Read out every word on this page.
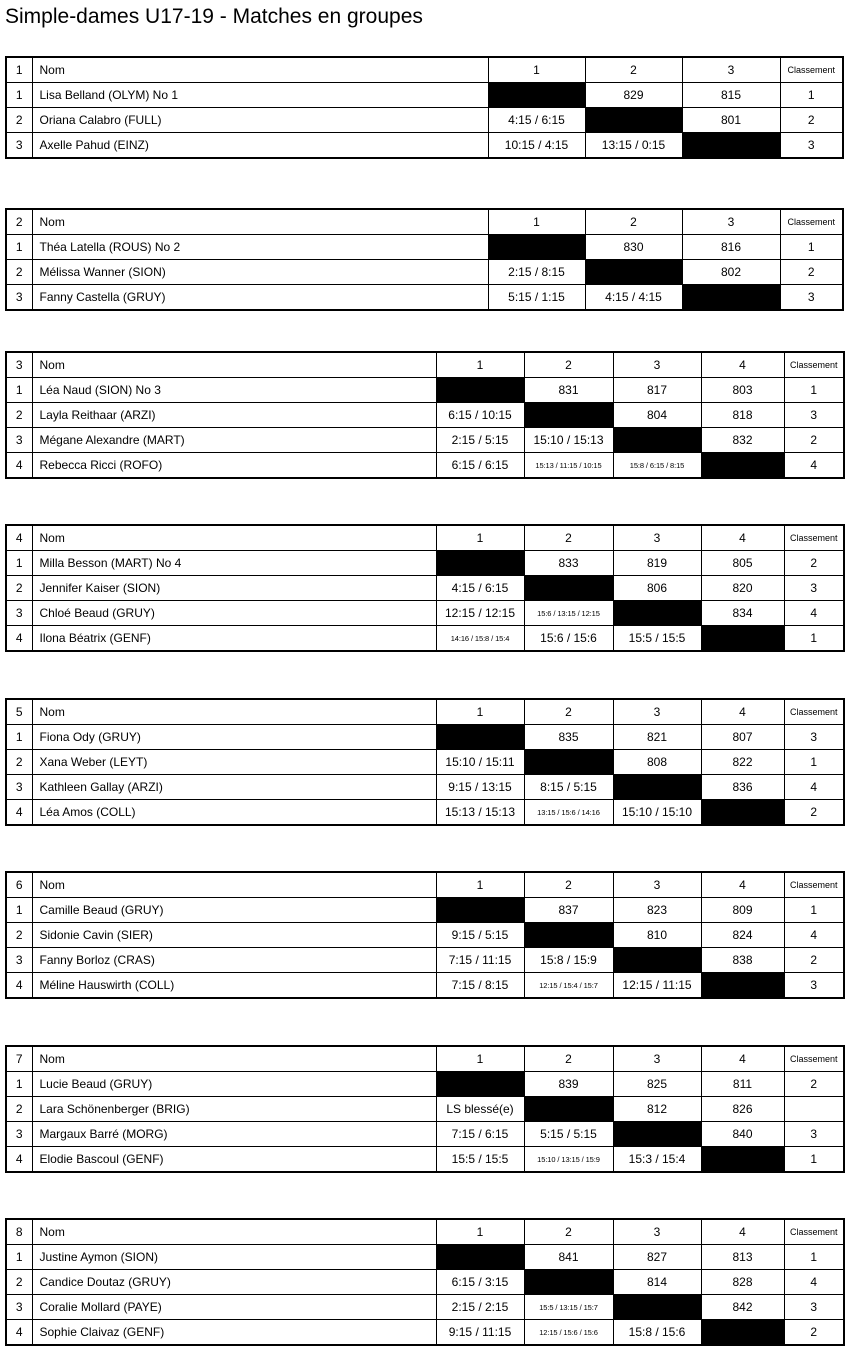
Simple-dames U17-19 - Matches en groupes
1	Nom	1	2	3	Classement
1	Lisa Belland (OLYM) No 1		829	815	1
2	Oriana Calabro (FULL)	4:15 / 6:15		801	2
3	Axelle Pahud (EINZ)	10:15 / 4:15	13:15 / 0:15		3
2	Nom	1	2	3	Classement
1	Théa Latella (ROUS) No 2		830	816	1
2	Mélissa Wanner (SION)	2:15 / 8:15		802	2
3	Fanny Castella (GRUY)	5:15 / 1:15	4:15 / 4:15		3
3	Nom	1	2	3	4	Classement
1	Léa Naud (SION) No 3		831	817	803	1
2	Layla Reithaar (ARZI)	6:15 / 10:15		804	818	3
3	Mégane Alexandre (MART)	2:15 / 5:15	15:10 / 15:13		832	2
4	Rebecca Ricci (ROFO)	6:15 / 6:15	15:13 / 11:15 / 10:15	15:8 / 6:15 / 8:15		4
4	Nom	1	2	3	4	Classement
1	Milla Besson (MART) No 4		833	819	805	2
2	Jennifer Kaiser (SION)	4:15 / 6:15		806	820	3
3	Chloé Beaud (GRUY)	12:15 / 12:15	15:6 / 13:15 / 12:15		834	4
4	Ilona Béatrix (GENF)	14:16 / 15:8 / 15:4	15:6 / 15:6	15:5 / 15:5		1
5	Nom	1	2	3	4	Classement
1	Fiona Ody (GRUY)		835	821	807	3
2	Xana Weber (LEYT)	15:10 / 15:11		808	822	1
3	Kathleen Gallay (ARZI)	9:15 / 13:15	8:15 / 5:15		836	4
4	Léa Amos (COLL)	15:13 / 15:13	13:15 / 15:6 / 14:16	15:10 / 15:10		2
6	Nom	1	2	3	4	Classement
1	Camille Beaud (GRUY)		837	823	809	1
2	Sidonie Cavin (SIER)	9:15 / 5:15		810	824	4
3	Fanny Borloz (CRAS)	7:15 / 11:15	15:8 / 15:9		838	2
4	Méline Hauswirth (COLL)	7:15 / 8:15	12:15 / 15:4 / 15:7	12:15 / 11:15		3
7	Nom	1	2	3	4	Classement
1	Lucie Beaud (GRUY)		839	825	811	2
2	Lara Schönenberger (BRIG)	LS blessé(e)		812	826	
3	Margaux Barré (MORG)	7:15 / 6:15	5:15 / 5:15		840	3
4	Elodie Bascoul (GENF)	15:5 / 15:5	15:10 / 13:15 / 15:9	15:3 / 15:4		1
8	Nom	1	2	3	4	Classement
1	Justine Aymon (SION)		841	827	813	1
2	Candice Doutaz (GRUY)	6:15 / 3:15		814	828	4
3	Coralie Mollard (PAYE)	2:15 / 2:15	15:5 / 13:15 / 15:7		842	3
4	Sophie Claivaz (GENF)	9:15 / 11:15	12:15 / 15:6 / 15:6	15:8 / 15:6		2
